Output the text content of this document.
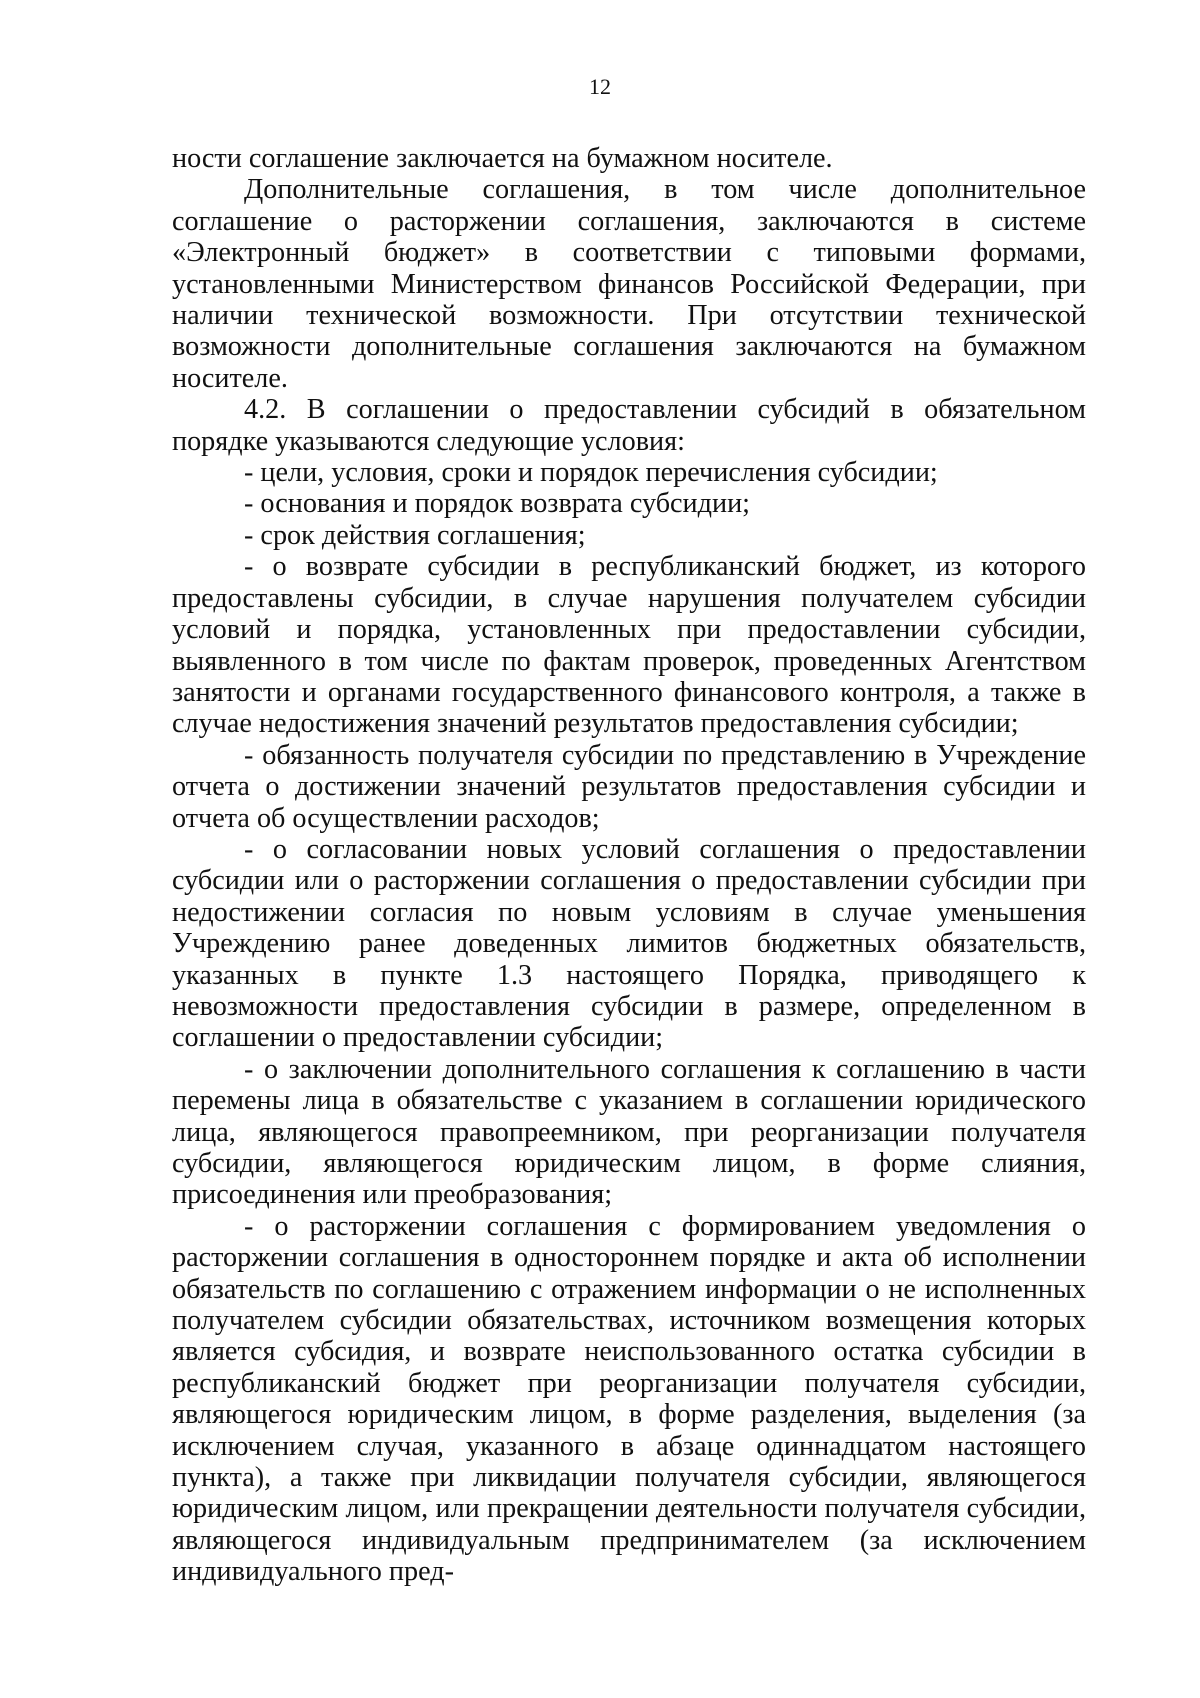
12

ности соглашение заключается на бумажном носителе.

Дополнительные соглашения, в том числе дополнительное соглашение о расторжении соглашения, заключаются в системе «Электронный бюджет» в соответствии с типовыми формами, установленными Министерством финансов Российской Федерации, при наличии технической возможности. При отсутствии технической возможности дополнительные соглашения заключаются на бумажном носителе.

4.2. В соглашении о предоставлении субсидий в обязательном порядке указываются следующие условия:

- цели, условия, сроки и порядок перечисления субсидии;

- основания и порядок возврата субсидии;

- срок действия соглашения;

- о возврате субсидии в республиканский бюджет, из которого предоставлены субсидии, в случае нарушения получателем субсидии условий и порядка, установленных при предоставлении субсидии, выявленного в том числе по фактам проверок, проведенных Агентством занятости и органами государственного финансового контроля, а также в случае недостижения значений результатов предоставления субсидии;

- обязанность получателя субсидии по представлению в Учреждение отчета о достижении значений результатов предоставления субсидии и отчета об осуществлении расходов;

- о согласовании новых условий соглашения о предоставлении субсидии или о расторжении соглашения о предоставлении субсидии при недостижении согласия по новым условиям в случае уменьшения Учреждению ранее доведенных лимитов бюджетных обязательств, указанных в пункте 1.3 настоящего Порядка, приводящего к невозможности предоставления субсидии в размере, определенном в соглашении о предоставлении субсидии;

- о заключении дополнительного соглашения к соглашению в части перемены лица в обязательстве с указанием в соглашении юридического лица, являющегося правопреемником, при реорганизации получателя субсидии, являющегося юридическим лицом, в форме слияния, присоединения или преобразования;

- о расторжении соглашения с формированием уведомления о расторжении соглашения в одностороннем порядке и акта об исполнении обязательств по соглашению с отражением информации о не исполненных получателем субсидии обязательствах, источником возмещения которых является субсидия, и возврате неиспользованного остатка субсидии в республиканский бюджет при реорганизации получателя субсидии, являющегося юридическим лицом, в форме разделения, выделения (за исключением случая, указанного в абзаце одиннадцатом настоящего пункта), а также при ликвидации получателя субсидии, являющегося юридическим лицом, или прекращении деятельности получателя субсидии, являющегося индивидуальным предпринимателем (за исключением индивидуального пред-
